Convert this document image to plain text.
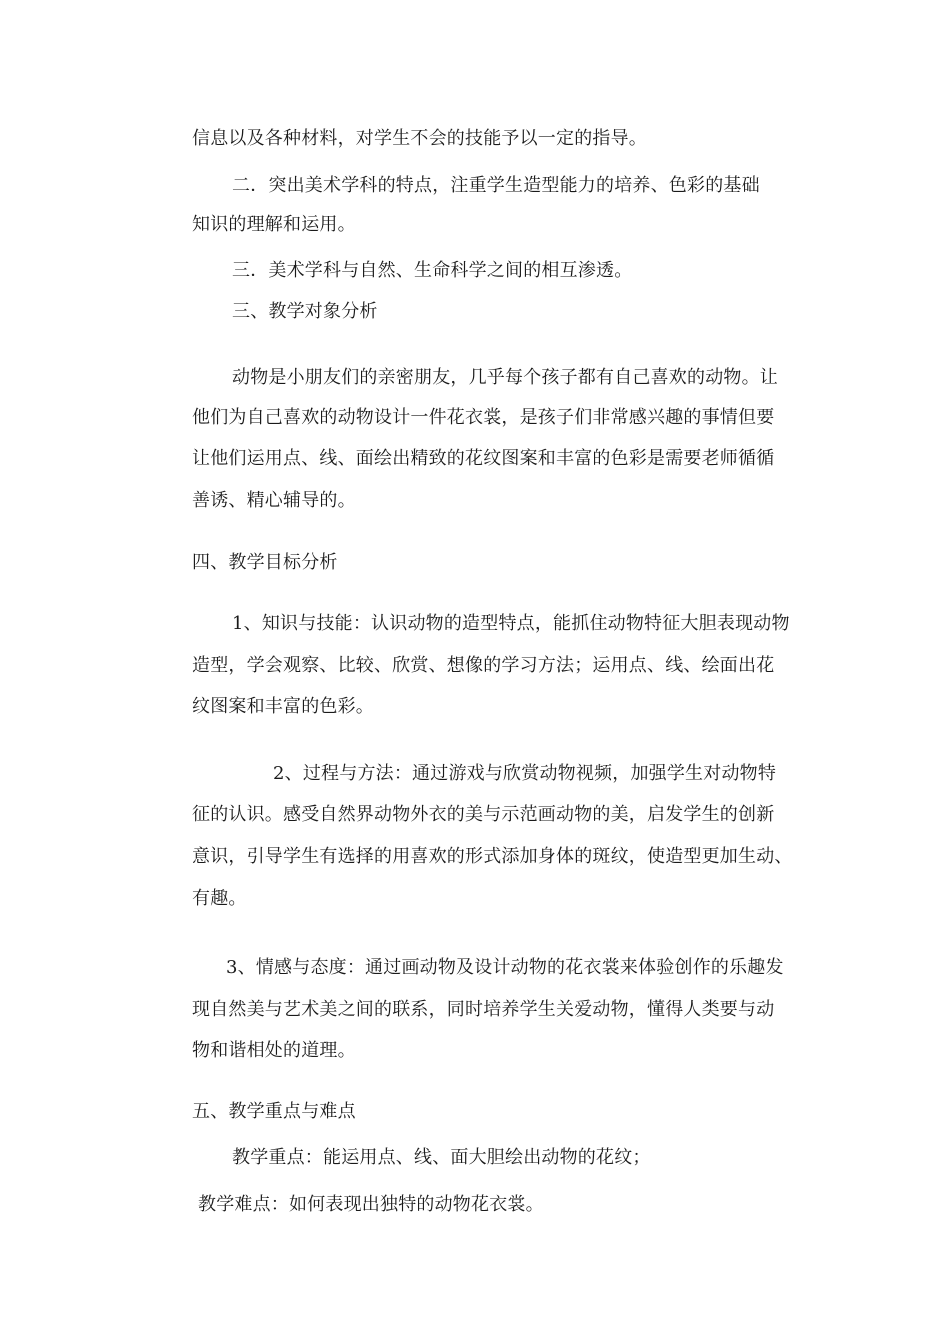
信息以及各种材料，对学生不会的技能予以一定的指导。
二．突出美术学科的特点，注重学生造型能力的培养、色彩的基础
知识的理解和运用。
三．美术学科与自然、生命科学之间的相互渗透。
三、教学对象分析
动物是小朋友们的亲密朋友，几乎每个孩子都有自己喜欢的动物。让
他们为自己喜欢的动物设计一件花衣裳，是孩子们非常感兴趣的事情但要
让他们运用点、线、面绘出精致的花纹图案和丰富的色彩是需要老师循循
善诱、精心辅导的。
四、教学目标分析
1、知识与技能：认识动物的造型特点，能抓住动物特征大胆表现动物
造型，学会观察、比较、欣赏、想像的学习方法；运用点、线、绘面出花
纹图案和丰富的色彩。
2、过程与方法：通过游戏与欣赏动物视频，加强学生对动物特
征的认识。感受自然界动物外衣的美与示范画动物的美，启发学生的创新
意识，引导学生有选择的用喜欢的形式添加身体的斑纹，使造型更加生动、
有趣。
3、情感与态度：通过画动物及设计动物的花衣裳来体验创作的乐趣发
现自然美与艺术美之间的联系，同时培养学生关爱动物，懂得人类要与动
物和谐相处的道理。
五、教学重点与难点
教学重点：能运用点、线、面大胆绘出动物的花纹；
教学难点：如何表现出独特的动物花衣裳。
